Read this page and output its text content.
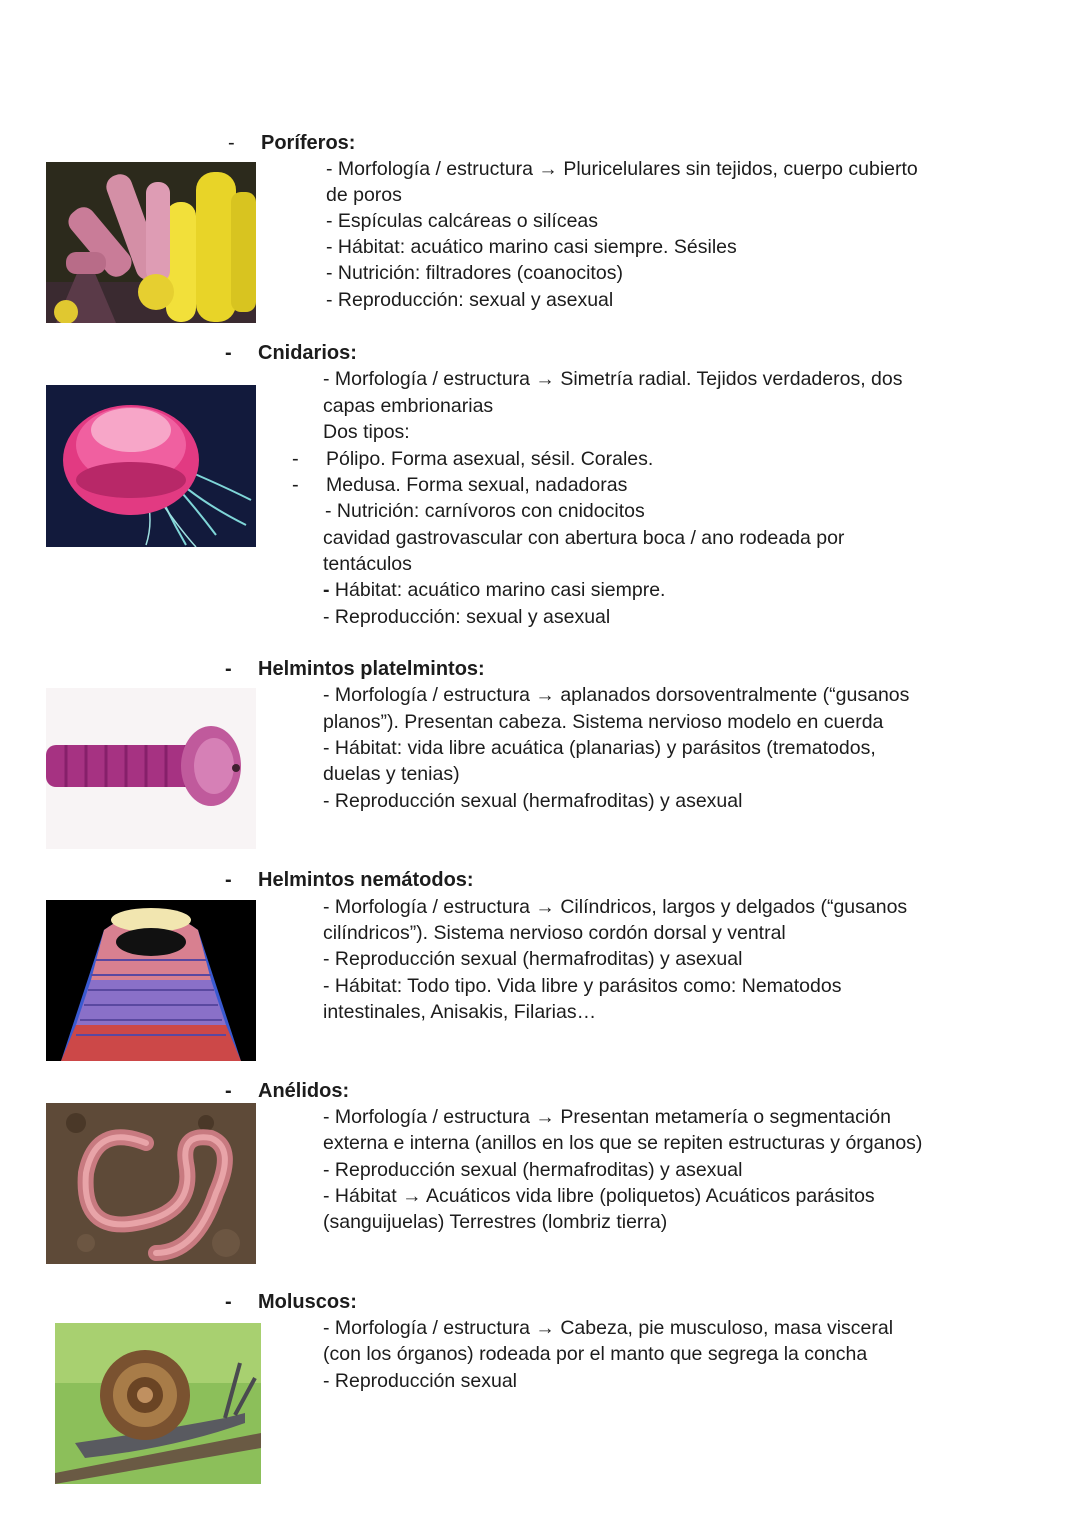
- Poríferos:
- Morfología / estructura → Pluricelulares sin tejidos, cuerpo cubierto
de poros
- Espículas calcáreas o silíceas
- Hábitat: acuático marino casi siempre. Sésiles
- Nutrición: filtradores (coanocitos)
- Reproducción: sexual y asexual
- Cnidarios:
- Morfología / estructura → Simetría radial. Tejidos verdaderos, dos
capas embrionarias
Dos tipos:
- Pólipo. Forma asexual, sésil. Corales.
- Medusa. Forma sexual, nadadoras
- Nutrición: carnívoros con cnidocitos
cavidad gastrovascular con abertura boca / ano rodeada por
tentáculos
- Hábitat: acuático marino casi siempre.
- Reproducción: sexual y asexual
- Helmintos platelmintos:
- Morfología / estructura → aplanados dorsoventralmente (“gusanos
planos”). Presentan cabeza. Sistema nervioso modelo en cuerda
- Hábitat: vida libre acuática (planarias) y parásitos (trematodos,
duelas y tenias)
- Reproducción sexual (hermafroditas) y asexual
- Helmintos nemátodos:
- Morfología / estructura → Cilíndricos, largos y delgados (“gusanos
cilíndricos”). Sistema nervioso cordón dorsal y ventral
- Reproducción sexual (hermafroditas) y asexual
- Hábitat: Todo tipo. Vida libre y parásitos como: Nematodos
intestinales, Anisakis, Filarias…
- Anélidos:
- Morfología / estructura → Presentan metamería o segmentación
externa e interna (anillos en los que se repiten estructuras y órganos)
- Reproducción sexual (hermafroditas) y asexual
- Hábitat → Acuáticos vida libre (poliquetos) Acuáticos parásitos
(sanguijuelas) Terrestres (lombriz tierra)
- Moluscos:
- Morfología / estructura → Cabeza, pie musculoso, masa visceral
(con los órganos) rodeada por el manto que segrega la concha
- Reproducción sexual
